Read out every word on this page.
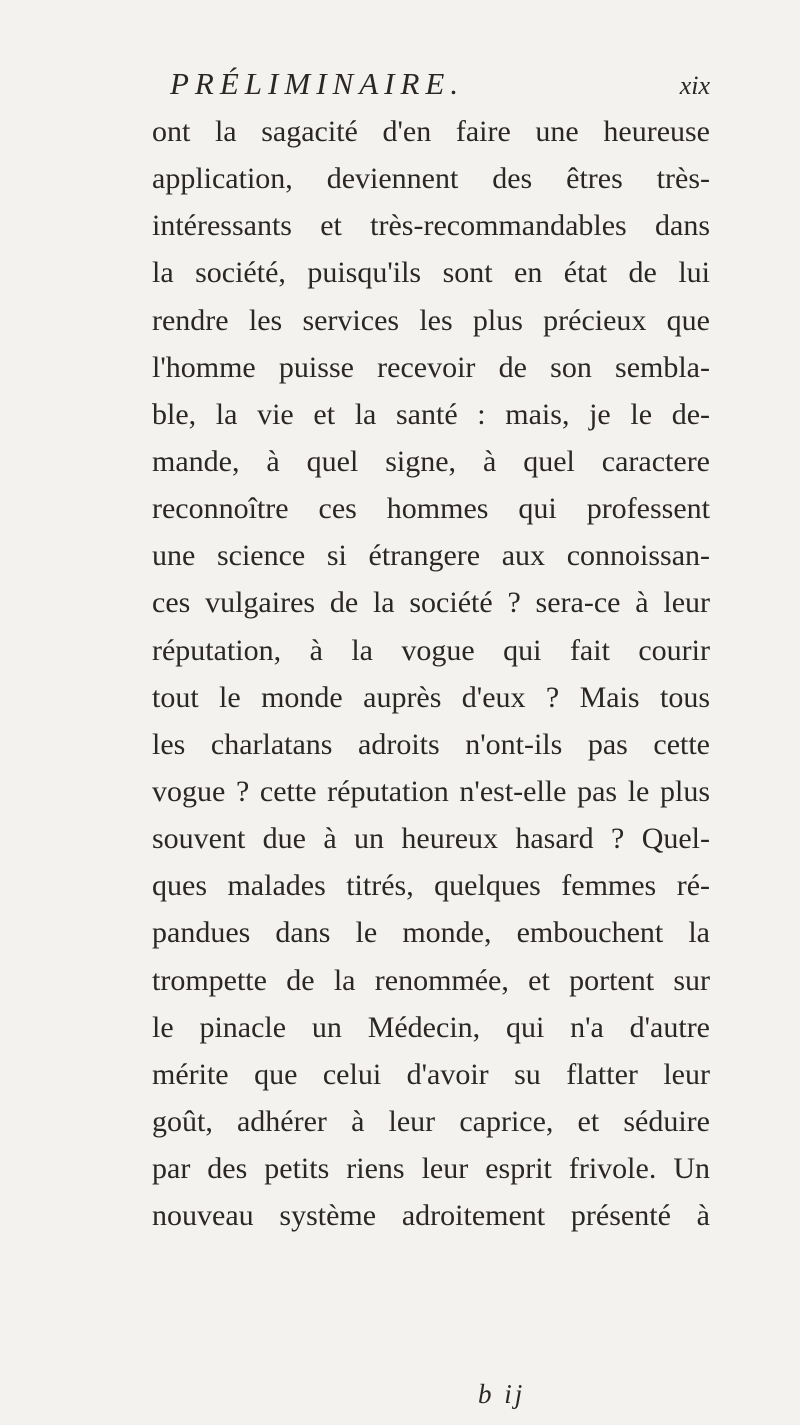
PRÉLIMINAIRE.	xix
ont la sagacité d'en faire une heureuse
application, deviennent des êtres très-
intéressants et très-recommandables dans
la société, puisqu'ils sont en état de lui
rendre les services les plus précieux que
l'homme puisse recevoir de son sembla-
ble, la vie et la santé : mais, je le de-
mande, à quel signe, à quel caractere
reconnoître ces hommes qui professent
une science si étrangere aux connoissan-
ces vulgaires de la société ? sera-ce à leur
réputation, à la vogue qui fait courir
tout le monde auprès d'eux ? Mais tous
les charlatans adroits n'ont-ils pas cette
vogue ? cette réputation n'est-elle pas le plus
souvent due à un heureux hasard ? Quel-
ques malades titrés, quelques femmes ré-
pandues dans le monde, embouchent la
trompette de la renommée, et portent sur
le pinacle un Médecin, qui n'a d'autre
mérite que celui d'avoir su flatter leur
goût, adhérer à leur caprice, et séduire
par des petits riens leur esprit frivole. Un
nouveau système adroitement présenté à
b ij
